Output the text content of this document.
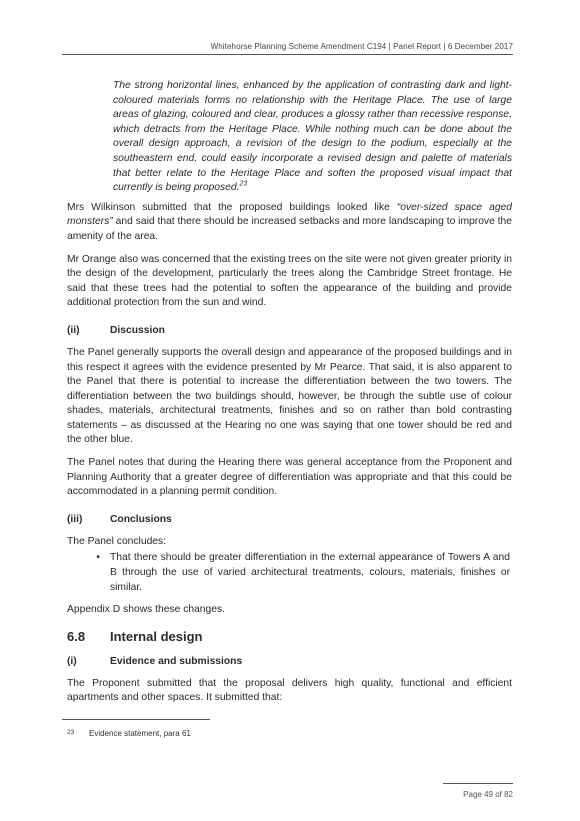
Whitehorse Planning Scheme Amendment C194 | Panel Report | 6 December 2017

The strong horizontal lines, enhanced by the application of contrasting dark and light-coloured materials forms no relationship with the Heritage Place. The use of large areas of glazing, coloured and clear, produces a glossy rather than recessive response, which detracts from the Heritage Place. While nothing much can be done about the overall design approach, a revision of the design to the podium, especially at the southeastern end, could easily incorporate a revised design and palette of materials that better relate to the Heritage Place and soften the proposed visual impact that currently is being proposed.$^{23}$

Mrs Wilkinson submitted that the proposed buildings looked like “over-sized space aged monsters” and said that there should be increased setbacks and more landscaping to improve the amenity of the area.

Mr Orange also was concerned that the existing trees on the site were not given greater priority in the design of the development, particularly the trees along the Cambridge Street frontage. He said that these trees had the potential to soften the appearance of the building and provide additional protection from the sun and wind.

(ii)	Discussion

The Panel generally supports the overall design and appearance of the proposed buildings and in this respect it agrees with the evidence presented by Mr Pearce. That said, it is also apparent to the Panel that there is potential to increase the differentiation between the two towers. The differentiation between the two buildings should, however, be through the subtle use of colour shades, materials, architectural treatments, finishes and so on rather than bold contrasting statements – as discussed at the Hearing no one was saying that one tower should be red and the other blue.

The Panel notes that during the Hearing there was general acceptance from the Proponent and Planning Authority that a greater degree of differentiation was appropriate and that this could be accommodated in a planning permit condition.

(iii)	Conclusions

The Panel concludes:

• That there should be greater differentiation in the external appearance of Towers A and B through the use of varied architectural treatments, colours, materials, finishes or similar.

Appendix D shows these changes.

6.8	Internal design
(i)	Evidence and submissions

The Proponent submitted that the proposal delivers high quality, functional and efficient apartments and other spaces. It submitted that:

23	Evidence statement, para 61
Page 49 of 82
